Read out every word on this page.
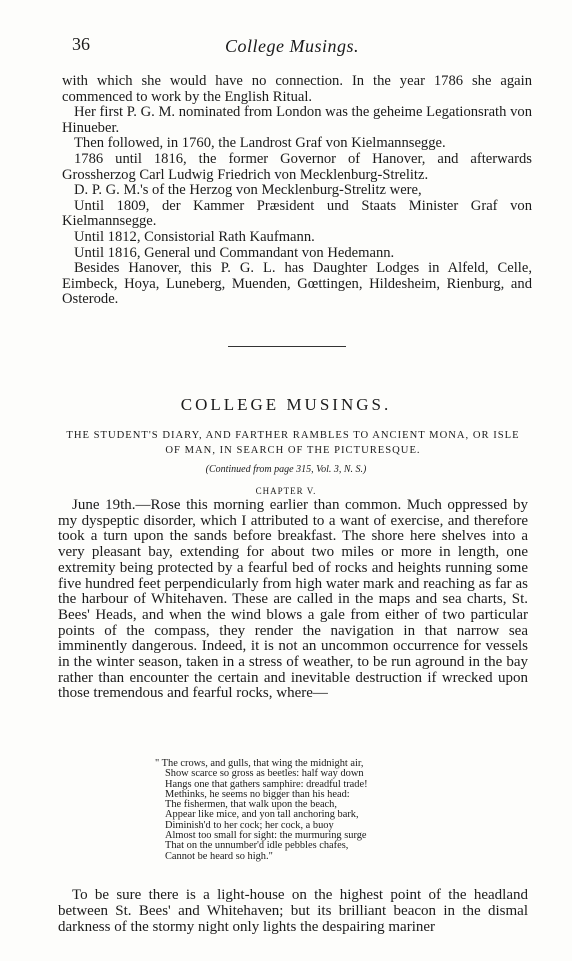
36	College Musings.

with which she would have no connection. In the year 1786 she again commenced to work by the English Ritual.

Her first P. G. M. nominated from London was the geheime Legationsrath von Hinueber.

Then followed, in 1760, the Landrost Graf von Kielmannsegge.

1786 until 1816, the former Governor of Hanover, and afterwards Grossherzog Carl Ludwig Friedrich von Mecklenburg-Strelitz.

D. P. G. M.'s of the Herzog von Mecklenburg-Strelitz were,

Until 1809, der Kammer Præsident und Staats Minister Graf von Kielmannsegge.

Until 1812, Consistorial Rath Kaufmann.

Until 1816, General und Commandant von Hedemann.

Besides Hanover, this P. G. L. has Daughter Lodges in Alfeld, Celle, Eimbeck, Hoya, Luneberg, Muenden, Gœttingen, Hildesheim, Rienburg, and Osterode.

COLLEGE MUSINGS.
THE STUDENT'S DIARY, AND FARTHER RAMBLES TO ANCIENT MONA, OR ISLE OF MAN, IN SEARCH OF THE PICTURESQUE.
(Continued from page 315, Vol. 3, N. S.)
CHAPTER V.

June 19th.—Rose this morning earlier than common. Much oppressed by my dyspeptic disorder, which I attributed to a want of exercise, and therefore took a turn upon the sands before breakfast. The shore here shelves into a very pleasant bay, extending for about two miles or more in length, one extremity being protected by a fearful bed of rocks and heights running some five hundred feet perpendicularly from high water mark and reaching as far as the harbour of Whitehaven. These are called in the maps and sea charts, St. Bees' Heads, and when the wind blows a gale from either of two particular points of the compass, they render the navigation in that narrow sea imminently dangerous. Indeed, it is not an uncommon occurrence for vessels in the winter season, taken in a stress of weather, to be run aground in the bay rather than encounter the certain and inevitable destruction if wrecked upon those tremendous and fearful rocks, where—

" The crows, and gulls, that wing the midnight air,
Show scarce so gross as beetles: half way down
Hangs one that gathers samphire: dreadful trade!
Methinks, he seems no bigger than his head:
The fishermen, that walk upon the beach,
Appear like mice, and yon tall anchoring bark,
Diminish'd to her cock; her cock, a buoy
Almost too small for sight: the murmuring surge
That on the unnumber'd idle pebbles chafes,
Cannot be heard so high."

To be sure there is a light-house on the highest point of the headland between St. Bees' and Whitehaven; but its brilliant beacon in the dismal darkness of the stormy night only lights the despairing mariner
